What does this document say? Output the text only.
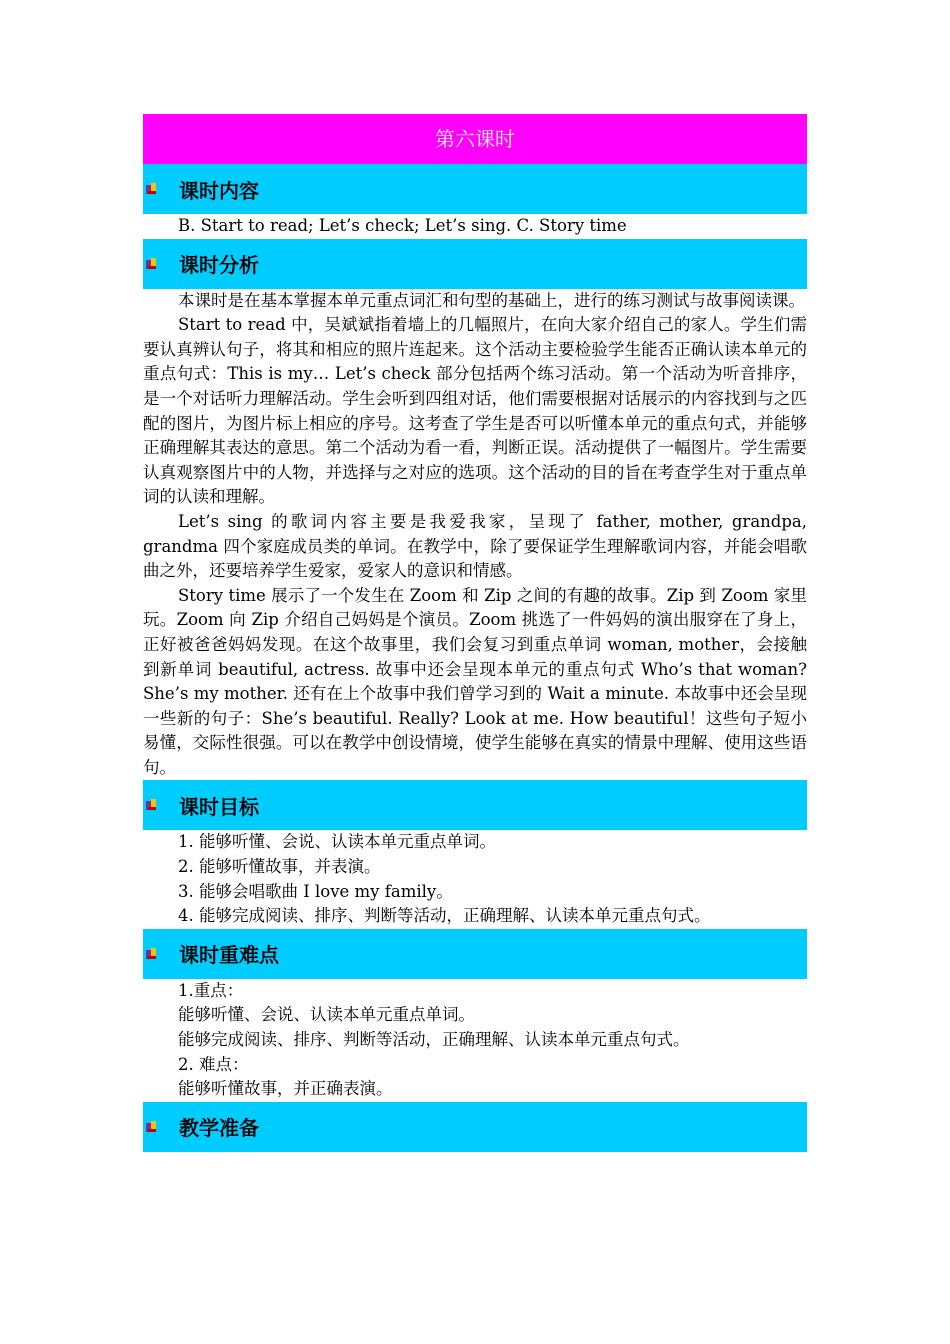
第六课时
课时内容
B. Start to read; Let’s check; Let’s sing. C. Story time
课时分析
本课时是在基本掌握本单元重点词汇和句型的基础上，进行的练习测试与故事阅读课。
Start to read 中，吴斌斌指着墙上的几幅照片，在向大家介绍自己的家人。学生们需要认真辨认句子，将其和相应的照片连起来。这个活动主要检验学生能否正确认读本单元的重点句式：This is my… Let’s check 部分包括两个练习活动。第一个活动为听音排序，是一个对话听力理解活动。学生会听到四组对话，他们需要根据对话展示的内容找到与之匹配的图片，为图片标上相应的序号。这考查了学生是否可以听懂本单元的重点句式，并能够正确理解其表达的意思。第二个活动为看一看，判断正误。活动提供了一幅图片。学生需要认真观察图片中的人物，并选择与之对应的选项。这个活动的目的旨在考查学生对于重点单词的认读和理解。
Let’s sing 的歌词内容主要是我爱我家，呈现了 father, mother, grandpa, grandma 四个家庭成员类的单词。在教学中，除了要保证学生理解歌词内容，并能会唱歌曲之外，还要培养学生爱家，爱家人的意识和情感。
Story time 展示了一个发生在 Zoom 和 Zip 之间的有趣的故事。Zip 到 Zoom 家里玩。Zoom 向 Zip 介绍自己妈妈是个演员。Zoom 挑选了一件妈妈的演出服穿在了身上，正好被爸爸妈妈发现。在这个故事里，我们会复习到重点单词 woman, mother，会接触到新单词 beautiful, actress. 故事中还会呈现本单元的重点句式 Who’s that woman? She’s my mother. 还有在上个故事中我们曾学习到的 Wait a minute. 本故事中还会呈现一些新的句子：She’s beautiful. Really? Look at me. How beautiful！这些句子短小易懂，交际性很强。可以在教学中创设情境，使学生能够在真实的情景中理解、使用这些语句。
课时目标
1. 能够听懂、会说、认读本单元重点单词。
2. 能够听懂故事，并表演。
3. 能够会唱歌曲 I love my family。
4. 能够完成阅读、排序、判断等活动，正确理解、认读本单元重点句式。
课时重难点
1.重点：
能够听懂、会说、认读本单元重点单词。
能够完成阅读、排序、判断等活动，正确理解、认读本单元重点句式。
2. 难点：
能够听懂故事，并正确表演。
教学准备
